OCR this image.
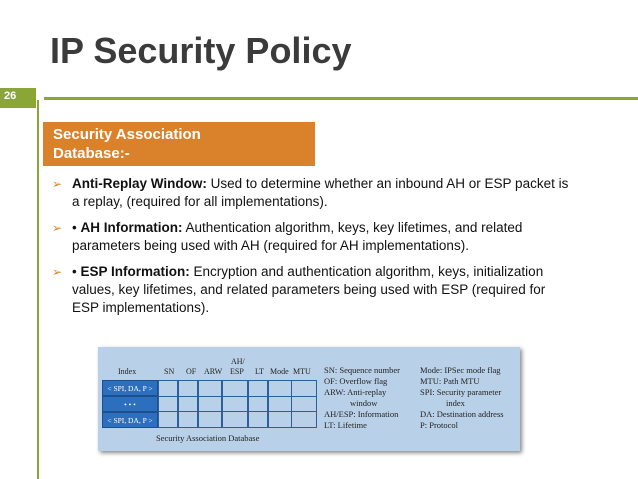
IP Security Policy
26
Security Association
Database:-
➢ Anti-Replay Window: Used to determine whether an inbound AH or ESP packet is a replay, (required for all implementations).
➢ • AH Information: Authentication algorithm, keys, key lifetimes, and related parameters being used with AH (required for AH implementations).
➢ • ESP Information: Encryption and authentication algorithm, keys, initialization values, key lifetimes, and related parameters being used with ESP (required for ESP implementations).
Index	SN OF ARW
AH/
ESP LT Mode MTU
< SPI, DA, P >
• • •
< SPI, DA, P >
Security Association Database
SN: Sequence number
OF: Overflow flag
ARW: Anti-replay
window
AH/ESP: Information
LT: Lifetime
Mode: IPSec mode flag
MTU: Path MTU
SPI: Security parameter
index
DA: Destination address
P: Protocol
